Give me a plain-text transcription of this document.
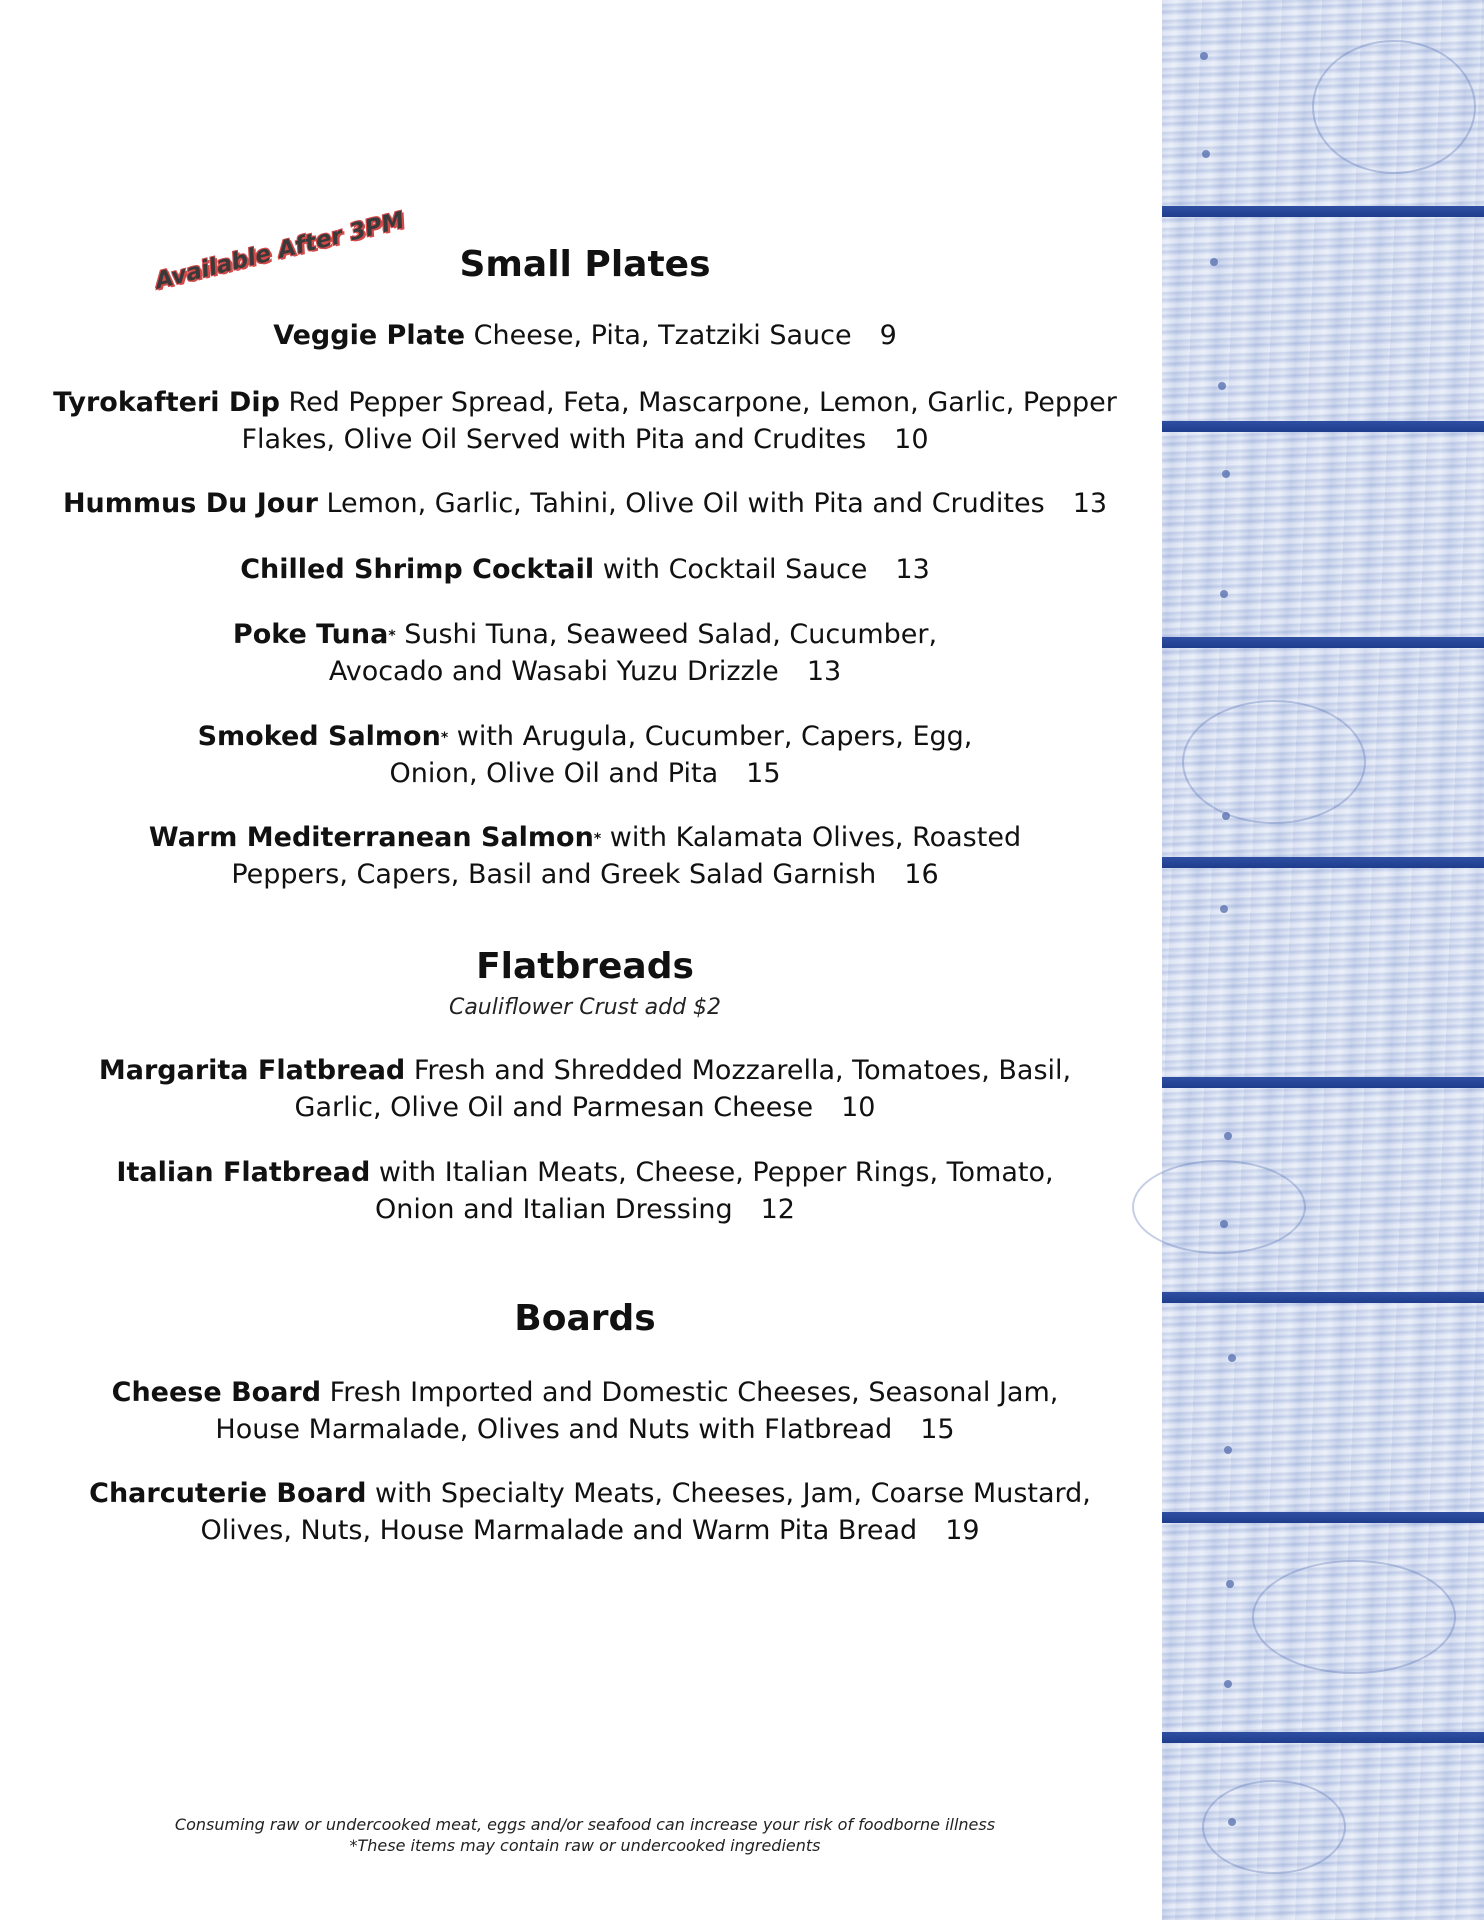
Available After 3PM	Small Plates
Veggie Plate Cheese, Pita, Tzatziki Sauce 9
Tyrokafteri Dip Red Pepper Spread, Feta, Mascarpone, Lemon, Garlic, Pepper Flakes, Olive Oil Served with Pita and Crudites 10
Hummus Du Jour Lemon, Garlic, Tahini, Olive Oil with Pita and Crudites 13
Chilled Shrimp Cocktail with Cocktail Sauce 13
Poke Tuna* Sushi Tuna, Seaweed Salad, Cucumber, Avocado and Wasabi Yuzu Drizzle 13
Smoked Salmon* with Arugula, Cucumber, Capers, Egg, Onion, Olive Oil and Pita 15
Warm Mediterranean Salmon* with Kalamata Olives, Roasted Peppers, Capers, Basil and Greek Salad Garnish 16
Flatbreads
Cauliflower Crust add $2
Margarita Flatbread Fresh and Shredded Mozzarella, Tomatoes, Basil, Garlic, Olive Oil and Parmesan Cheese 10
Italian Flatbread with Italian Meats, Cheese, Pepper Rings, Tomato, Onion and Italian Dressing 12
Boards
Cheese Board Fresh Imported and Domestic Cheeses, Seasonal Jam, House Marmalade, Olives and Nuts with Flatbread 15
Charcuterie Board with Specialty Meats, Cheeses, Jam, Coarse Mustard, Olives, Nuts, House Marmalade and Warm Pita Bread 19
Consuming raw or undercooked meat, eggs and/or seafood can increase your risk of foodborne illness
*These items may contain raw or undercooked ingredients
